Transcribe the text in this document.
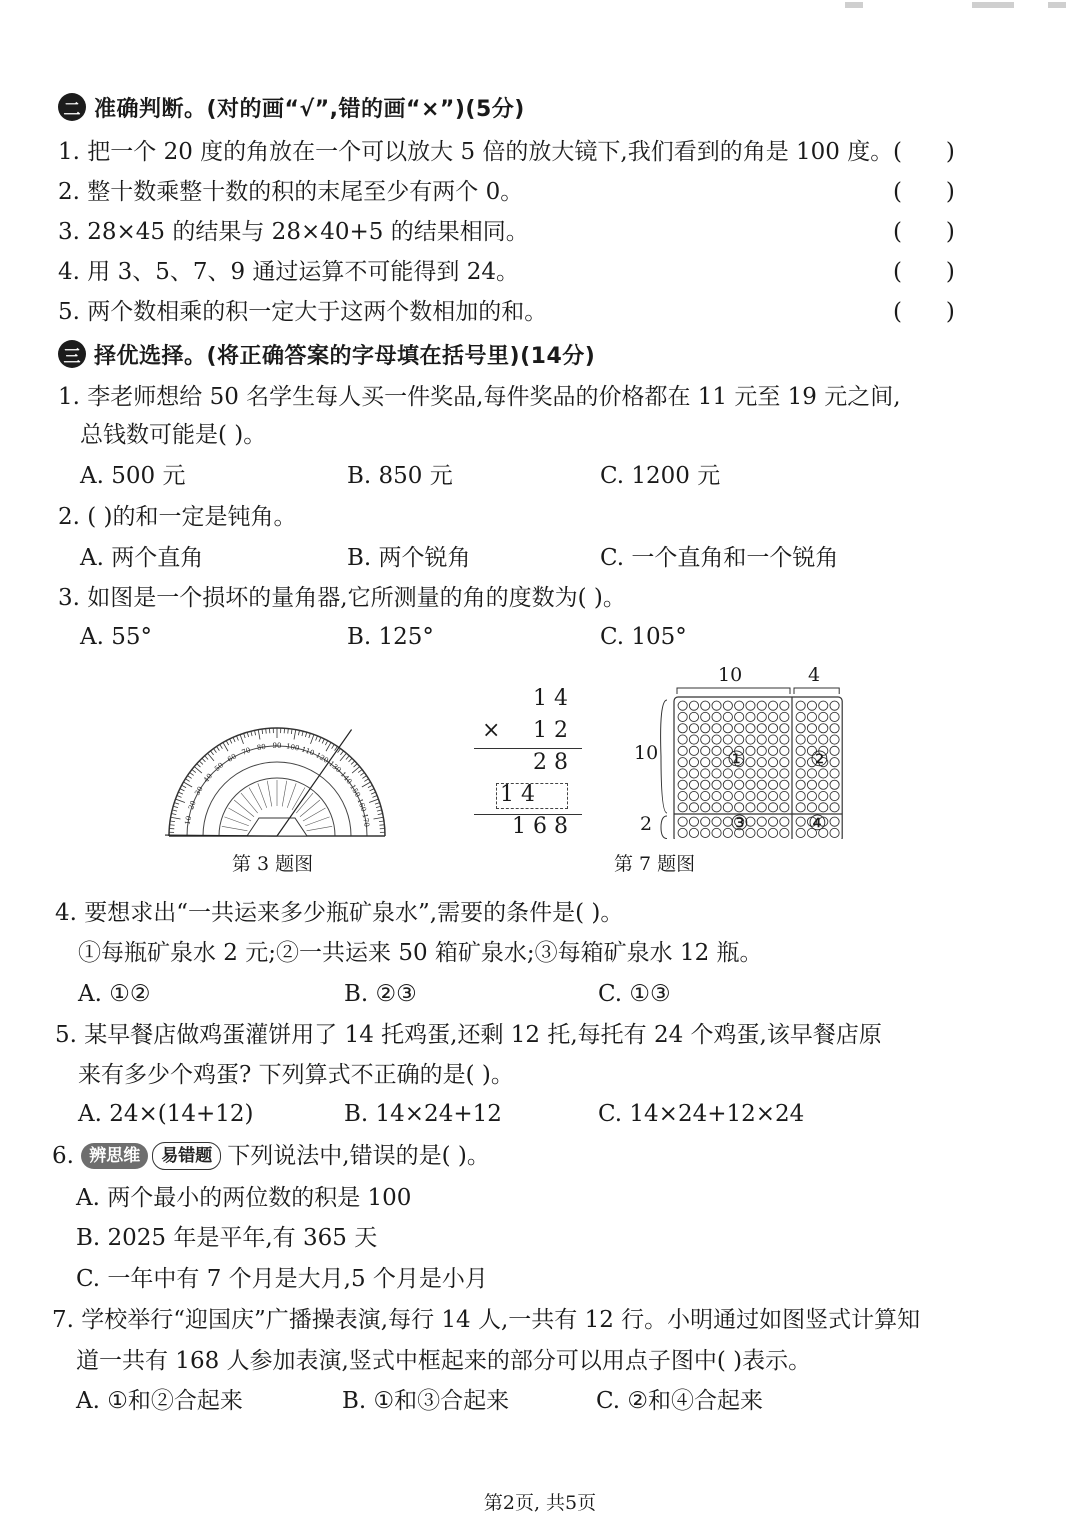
二 准确判断。(对的画“√”,错的画“×”)(5分)
1. 把一个 20 度的角放在一个可以放大 5 倍的放大镜下,我们看到的角是 100 度。 (      )
2. 整十数乘整十数的积的末尾至少有两个 0。	(      )
3. 28×45 的结果与 28×40+5 的结果相同。	(      )
4. 用 3、5、7、9 通过运算不可能得到 24。	(      )
5. 两个数相乘的积一定大于这两个数相加的和。	(      )
三 择优选择。(将正确答案的字母填在括号里)(14分)
1. 李老师想给 50 名学生每人买一件奖品,每件奖品的价格都在 11 元至 19 元之间,
总钱数可能是( )。
A. 500 元	B. 850 元	C. 1200 元
2. ( )的和一定是钝角。
A. 两个直角	B. 两个锐角	C. 一个直角和一个锐角
3. 如图是一个损坏的量角器,它所测量的角的度数为( )。
A. 55°	B. 125°	C. 105°
10
20
30
40
50
60
70 80 90 100 110
120
130
140
150
160
170
第 3 题图
1 4
× 1 2
2 8
1 4
1 6 8
10	4
10
2
①	②
③	④
第 7 题图
4. 要想求出“一共运来多少瓶矿泉水”,需要的条件是( )。
①每瓶矿泉水 2 元;②一共运来 50 箱矿泉水;③每箱矿泉水 12 瓶。
A. ①②	B. ②③	C. ①③
5. 某早餐店做鸡蛋灌饼用了 14 托鸡蛋,还剩 12 托,每托有 24 个鸡蛋,该早餐店原
来有多少个鸡蛋? 下列算式不正确的是( )。
A. 24×(14+12)	B. 14×24+12	C. 14×24+12×24
6. 辨思维 易错题 下列说法中,错误的是( )。
A. 两个最小的两位数的积是 100
B. 2025 年是平年,有 365 天
C. 一年中有 7 个月是大月,5 个月是小月
7. 学校举行“迎国庆”广播操表演,每行 14 人,一共有 12 行。小明通过如图竖式计算知
道一共有 168 人参加表演,竖式中框起来的部分可以用点子图中( )表示。
A. ①和②合起来	B. ①和③合起来	C. ②和④合起来
第2页, 共5页
